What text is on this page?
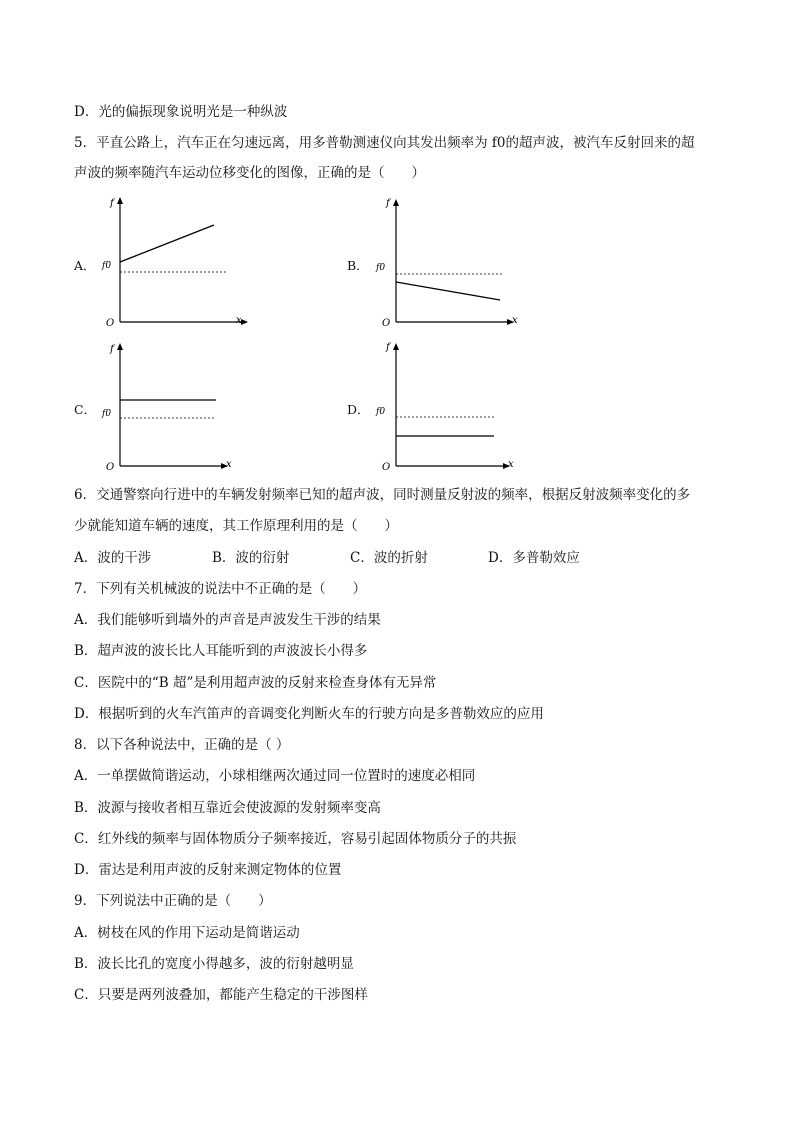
D．光的偏振现象说明光是一种纵波
5．平直公路上，汽车正在匀速远离，用多普勒测速仪向其发出频率为 f0的超声波，被汽车反射回来的超
声波的频率随汽车运动位移变化的图像，正确的是（　　）
A．
f
f0
O	x
B．
f
f0
O	x
C．
f
f0
O	x
D．
f
f0
O	x
6．交通警察向行进中的车辆发射频率已知的超声波，同时测量反射波的频率，根据反射波频率变化的多
少就能知道车辆的速度，其工作原理利用的是（　　）
A．波的干涉	B．波的衍射	C．波的折射	D．多普勒效应
7．下列有关机械波的说法中不正确的是（　　）
A．我们能够听到墙外的声音是声波发生干涉的结果
B．超声波的波长比人耳能听到的声波波长小得多
C．医院中的“B 超”是利用超声波的反射来检查身体有无异常
D．根据听到的火车汽笛声的音调变化判断火车的行驶方向是多普勒效应的应用
8．以下各种说法中，正确的是（ ）
A．一单摆做简谐运动，小球相继两次通过同一位置时的速度必相同
B．波源与接收者相互靠近会使波源的发射频率变高
C．红外线的频率与固体物质分子频率接近，容易引起固体物质分子的共振
D．雷达是利用声波的反射来测定物体的位置
9．下列说法中正确的是（　　）
A．树枝在风的作用下运动是简谐运动
B．波长比孔的宽度小得越多，波的衍射越明显
C．只要是两列波叠加，都能产生稳定的干涉图样
